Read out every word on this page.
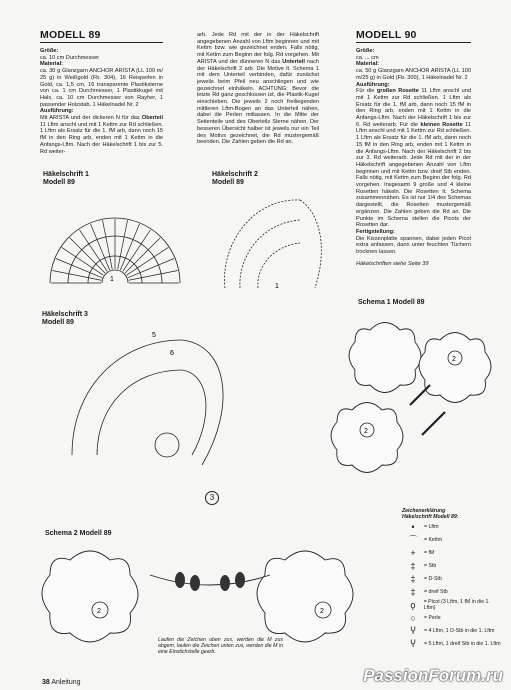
MODELL 89

Größe:

ca. 10 cm Durchmesser

Material:

ca. 30 g Glanzgarn ANCHOR ARISTA (LL 100 m/ 25 g) in Weißgold (Fb. 304), 16 Reisperlen in Gold, ca. 1,5 cm, 16 transparente Plastiksterne von ca. 1 cm Durchmesser, 1 Plastikkugel mit Hals, ca. 10 cm Durchmesser von Rayher, 1 passender Holzstab, 1 Häkelnadel Nr. 2

Ausführung:

Mit ARISTA und der dickeren N für das Oberteil 11 Lftm anschl und mit 1 Kettm zur Rd schließen. 1 Lftm als Ersatz für die 1. fM arb, dann noch 15 fM in den Ring arb, enden mit 1 Kettm in die Anfangs-Lftm. Nach der Häkelschrift 1 bis zur 5. Rd weiter-

arb. Jede Rd mit der in der Häkelschrift angegebenen Anzahl von Lftm beginnen und mit Kettm bzw. wie gezeichnet enden. Falls nötig, mit Kettm zum Beginn der folg. Rd vorgehen. Mit ARISTA und der dünneren N das Unterteil nach der Häkelschrift 2 arb. Die Motive lt. Schema 1 mit dem Unterteil verbinden, dafür zunächst jeweils beim Pfeil neu anschlingen und wie gezeichnet einhäkeln. ACHTUNG: Bevor die letzte Rd ganz geschlossen ist, die Plastik-Kugel einschieben. Die jeweils 2 noch freiliegenden mittleren Lftm-Bogen an das Unterteil nähen, dabei die Perlen mittassen. In die Mitte der Seitenteile und des Oberteils Sterne nähen. Der besseren Übersicht halber ist jeweils nur ein Teil des Motivs gezeichnet, die Rd mustergemäß beenden. Die Zahlen geben die Rd an.

MODELL 90

Größe:

ca. ... cm

Material:

ca. 50 g Glanzgarn ANCHOR ARISTA (LL 100 m/25 g) in Gold (Fb. 300), 1 Häkelnadel Nr. 2

Ausführung:

Für die großen Rosette 11 Lftm anschl und mit 1 Kettm zur Rd schließen. 1 Lftm als Ersatz für die 1. fM arb, dann noch 15 fM in den Ring arb, enden mit 1 Kettm in die Anfangs-Lftm. Nach der Häkelschrift 1 bis zur 6. Rd weiterarb. Für die kleinen Rosette 11 Lftm anschl und mit 1 Kettm zur Rd schließen. 1 Lftm als Ersatz für die 1. fM arb, dann noch 15 fM in den Ring arb, enden mit 1 Kettm in die Anfangs-Lftm. Nach der Häkelschrift 2 bis zur 3. Rd weiterarb. Jede Rd mit der in der Häkelschrift angegebenen Anzahl von Lftm beginnen und mit Kettm bzw. dreif Stb enden. Falls nötig, mit Kettm zum Beginn der folg. Rd vorgehen. Insgesamt 9 große und 4 kleine Rosetten häkeln. Die Rosetten lt. Schema zusammennähen. Es ist nur 1/4 des Schemas dargestellt, die Rosetten mustergemäß ergänzen. Die Zahlen geben die Rd an. Die Punkte im Schema stellen die Picots der Rosetten dar.

Fertigstellung:

Die Kissenplatte spannen, dabei jeden Picot extra anfassen, dann unter feuchten Tüchern trocknen lassen.

Häkelschriften siehe Seite 39

Häkelschrift 1
Modell 89
Häkelschrift 2
Modell 89
Häkelschrift 3
Modell 89
Schema 1 Modell 89
Schema 2 Modell 89
1
1
5
6
3
2
2
2	2
Laufen die Zeichen oben zus, werden die M zus abgem, laufen die Zeichen unten zus, werden die M in eine Einstichstelle gearb.
Zeichenerklärung
Häkelschrift Modell 89:
•	= Lftm
⌒	= Kettm
+	= fM
‡	= Stb
‡	= D-Stb
‡	= dreif Stb
ϙ	= Picot (3 Lftm, 1 fM in die 1. Lftm)
○	= Perle
Ⴤ	= 4 Lftm, 1 D-Stb in die 1. Lftm
Ⴤ	= 5 Lftm, 1 dreif Stb in die 1. Lftm
38 Anleitung	PassionForum.ru
